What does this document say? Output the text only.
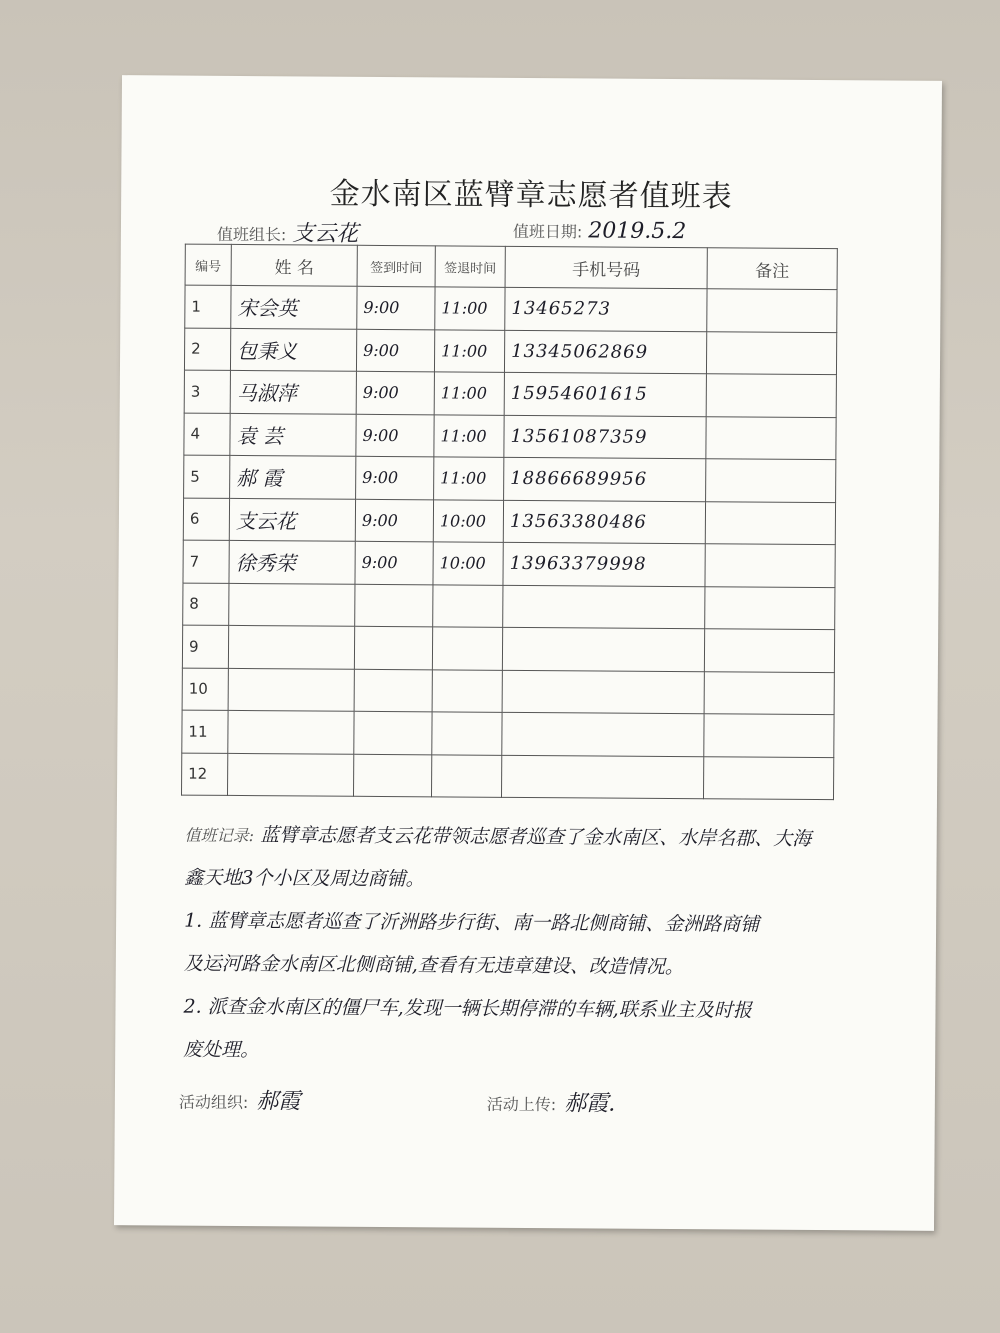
金水南区蓝臂章志愿者值班表
值班组长: 支云花	值班日期: 2019.5.2
编号	姓 名	签到时间	签退时间	手机号码	备注
1	宋会英	9:00	11:00	13465273	
2	包秉义	9:00	11:00	13345062869	
3	马淑萍	9:00	11:00	15954601615	
4	袁 芸	9:00	11:00	13561087359	
5	郝 霞	9:00	11:00	18866689956	
6	支云花	9:00	10:00	13563380486	
7	徐秀荣	9:00	10:00	13963379998	
8					
9					
10					
11					
12					

值班记录: 蓝臂章志愿者支云花带领志愿者巡查了金水南区、水岸名郡、大海

鑫天地3个小区及周边商铺。

1. 蓝臂章志愿者巡查了沂洲路步行街、南一路北侧商铺、金洲路商铺

及运河路金水南区北侧商铺,查看有无违章建设、改造情况。

2. 派查金水南区的僵尸车,发现一辆长期停滞的车辆,联系业主及时报

废处理。

活动组织: 郝霞	活动上传: 郝霞.
